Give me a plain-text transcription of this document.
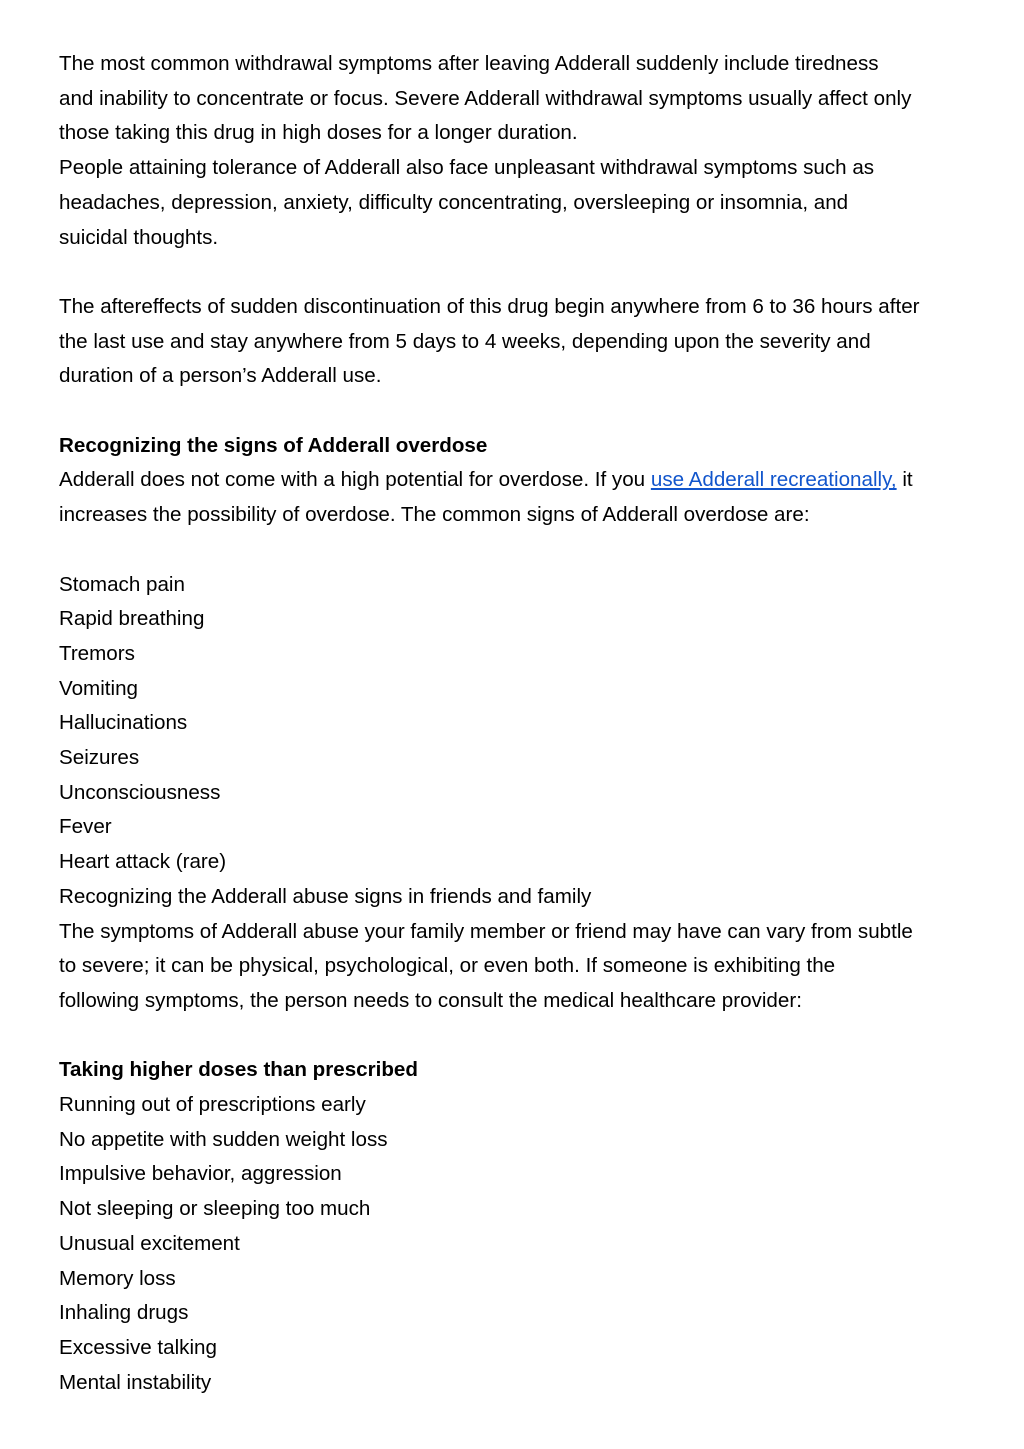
The most common withdrawal symptoms after leaving Adderall suddenly include tiredness

and inability to concentrate or focus. Severe Adderall withdrawal symptoms usually affect only

those taking this drug in high doses for a longer duration.

People attaining tolerance of Adderall also face unpleasant withdrawal symptoms such as

headaches, depression, anxiety, difficulty concentrating, oversleeping or insomnia, and

suicidal thoughts.

The aftereffects of sudden discontinuation of this drug begin anywhere from 6 to 36 hours after

the last use and stay anywhere from 5 days to 4 weeks, depending upon the severity and

duration of a person’s Adderall use.

Recognizing the signs of Adderall overdose

Adderall does not come with a high potential for overdose. If you use Adderall recreationally, it

increases the possibility of overdose. The common signs of Adderall overdose are:

Stomach pain

Rapid breathing

Tremors

Vomiting

Hallucinations

Seizures

Unconsciousness

Fever

Heart attack (rare)

Recognizing the Adderall abuse signs in friends and family

The symptoms of Adderall abuse your family member or friend may have can vary from subtle

to severe; it can be physical, psychological, or even both. If someone is exhibiting the

following symptoms, the person needs to consult the medical healthcare provider:

Taking higher doses than prescribed

Running out of prescriptions early

No appetite with sudden weight loss

Impulsive behavior, aggression

Not sleeping or sleeping too much

Unusual excitement

Memory loss

Inhaling drugs

Excessive talking

Mental instability
